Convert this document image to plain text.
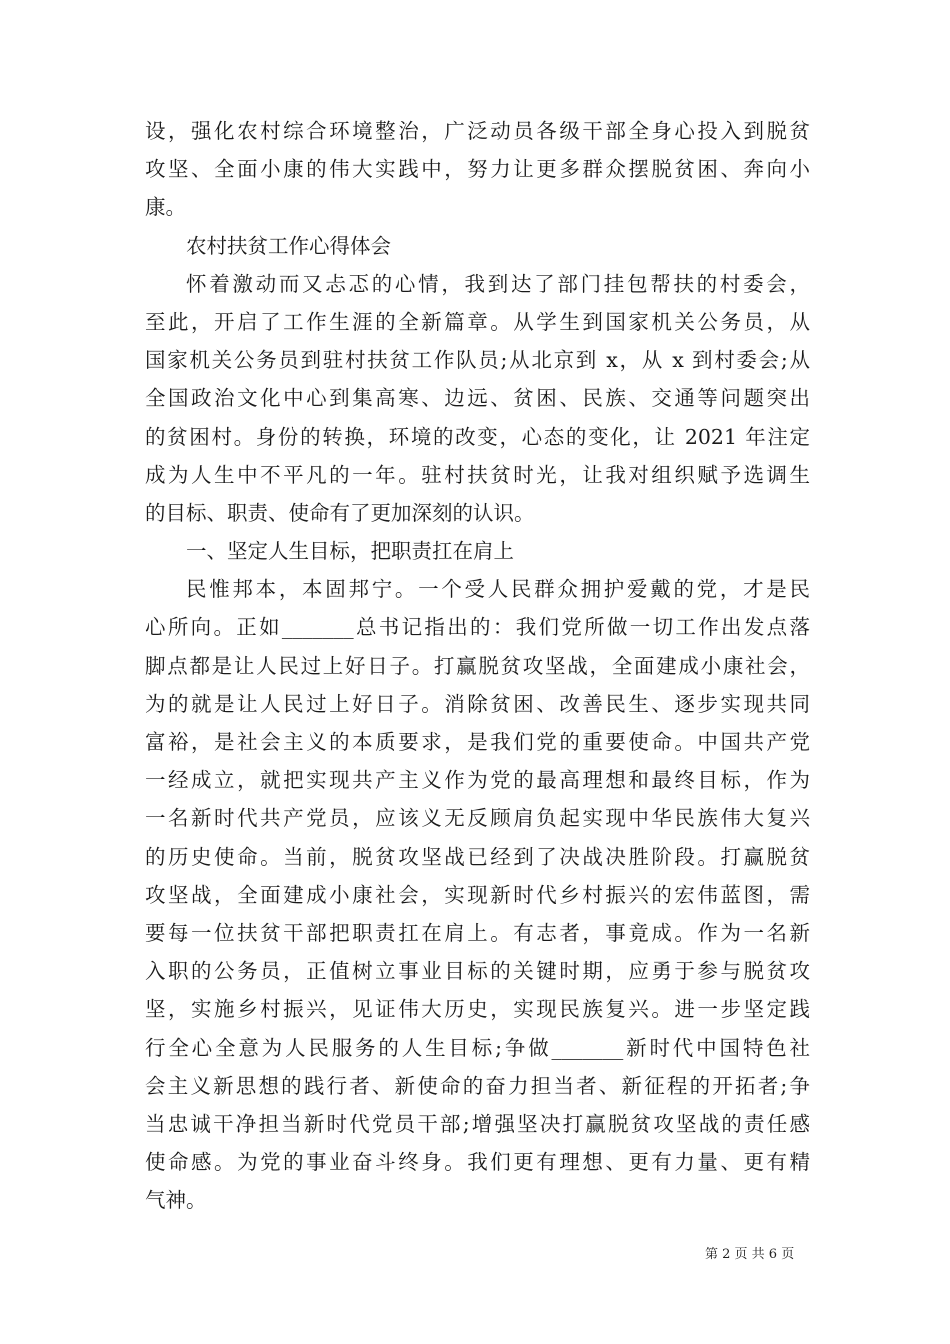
设，强化农村综合环境整治，广泛动员各级干部全身心投入到脱贫
攻坚、全面小康的伟大实践中，努力让更多群众摆脱贫困、奔向小
康。
农村扶贫工作心得体会
怀着激动而又忐忑的心情，我到达了部门挂包帮扶的村委会，
至此，开启了工作生涯的全新篇章。从学生到国家机关公务员，从
国家机关公务员到驻村扶贫工作队员;从北京到 x，从 x 到村委会;从
全国政治文化中心到集高寒、边远、贫困、民族、交通等问题突出
的贫困村。身份的转换，环境的改变，心态的变化，让 2021 年注定
成为人生中不平凡的一年。驻村扶贫时光，让我对组织赋予选调生
的目标、职责、使命有了更加深刻的认识。
一、坚定人生目标，把职责扛在肩上
民惟邦本，本固邦宁。一个受人民群众拥护爱戴的党，才是民
心所向。正如_______总书记指出的：我们党所做一切工作出发点落
脚点都是让人民过上好日子。打赢脱贫攻坚战，全面建成小康社会，
为的就是让人民过上好日子。消除贫困、改善民生、逐步实现共同
富裕，是社会主义的本质要求，是我们党的重要使命。中国共产党
一经成立，就把实现共产主义作为党的最高理想和最终目标，作为
一名新时代共产党员，应该义无反顾肩负起实现中华民族伟大复兴
的历史使命。当前，脱贫攻坚战已经到了决战决胜阶段。打赢脱贫
攻坚战，全面建成小康社会，实现新时代乡村振兴的宏伟蓝图，需
要每一位扶贫干部把职责扛在肩上。有志者，事竟成。作为一名新
入职的公务员，正值树立事业目标的关键时期，应勇于参与脱贫攻
坚，实施乡村振兴，见证伟大历史，实现民族复兴。进一步坚定践
行全心全意为人民服务的人生目标;争做_______新时代中国特色社
会主义新思想的践行者、新使命的奋力担当者、新征程的开拓者;争
当忠诚干净担当新时代党员干部;增强坚决打赢脱贫攻坚战的责任感
使命感。为党的事业奋斗终身。我们更有理想、更有力量、更有精
气神。
第 2 页 共 6 页
